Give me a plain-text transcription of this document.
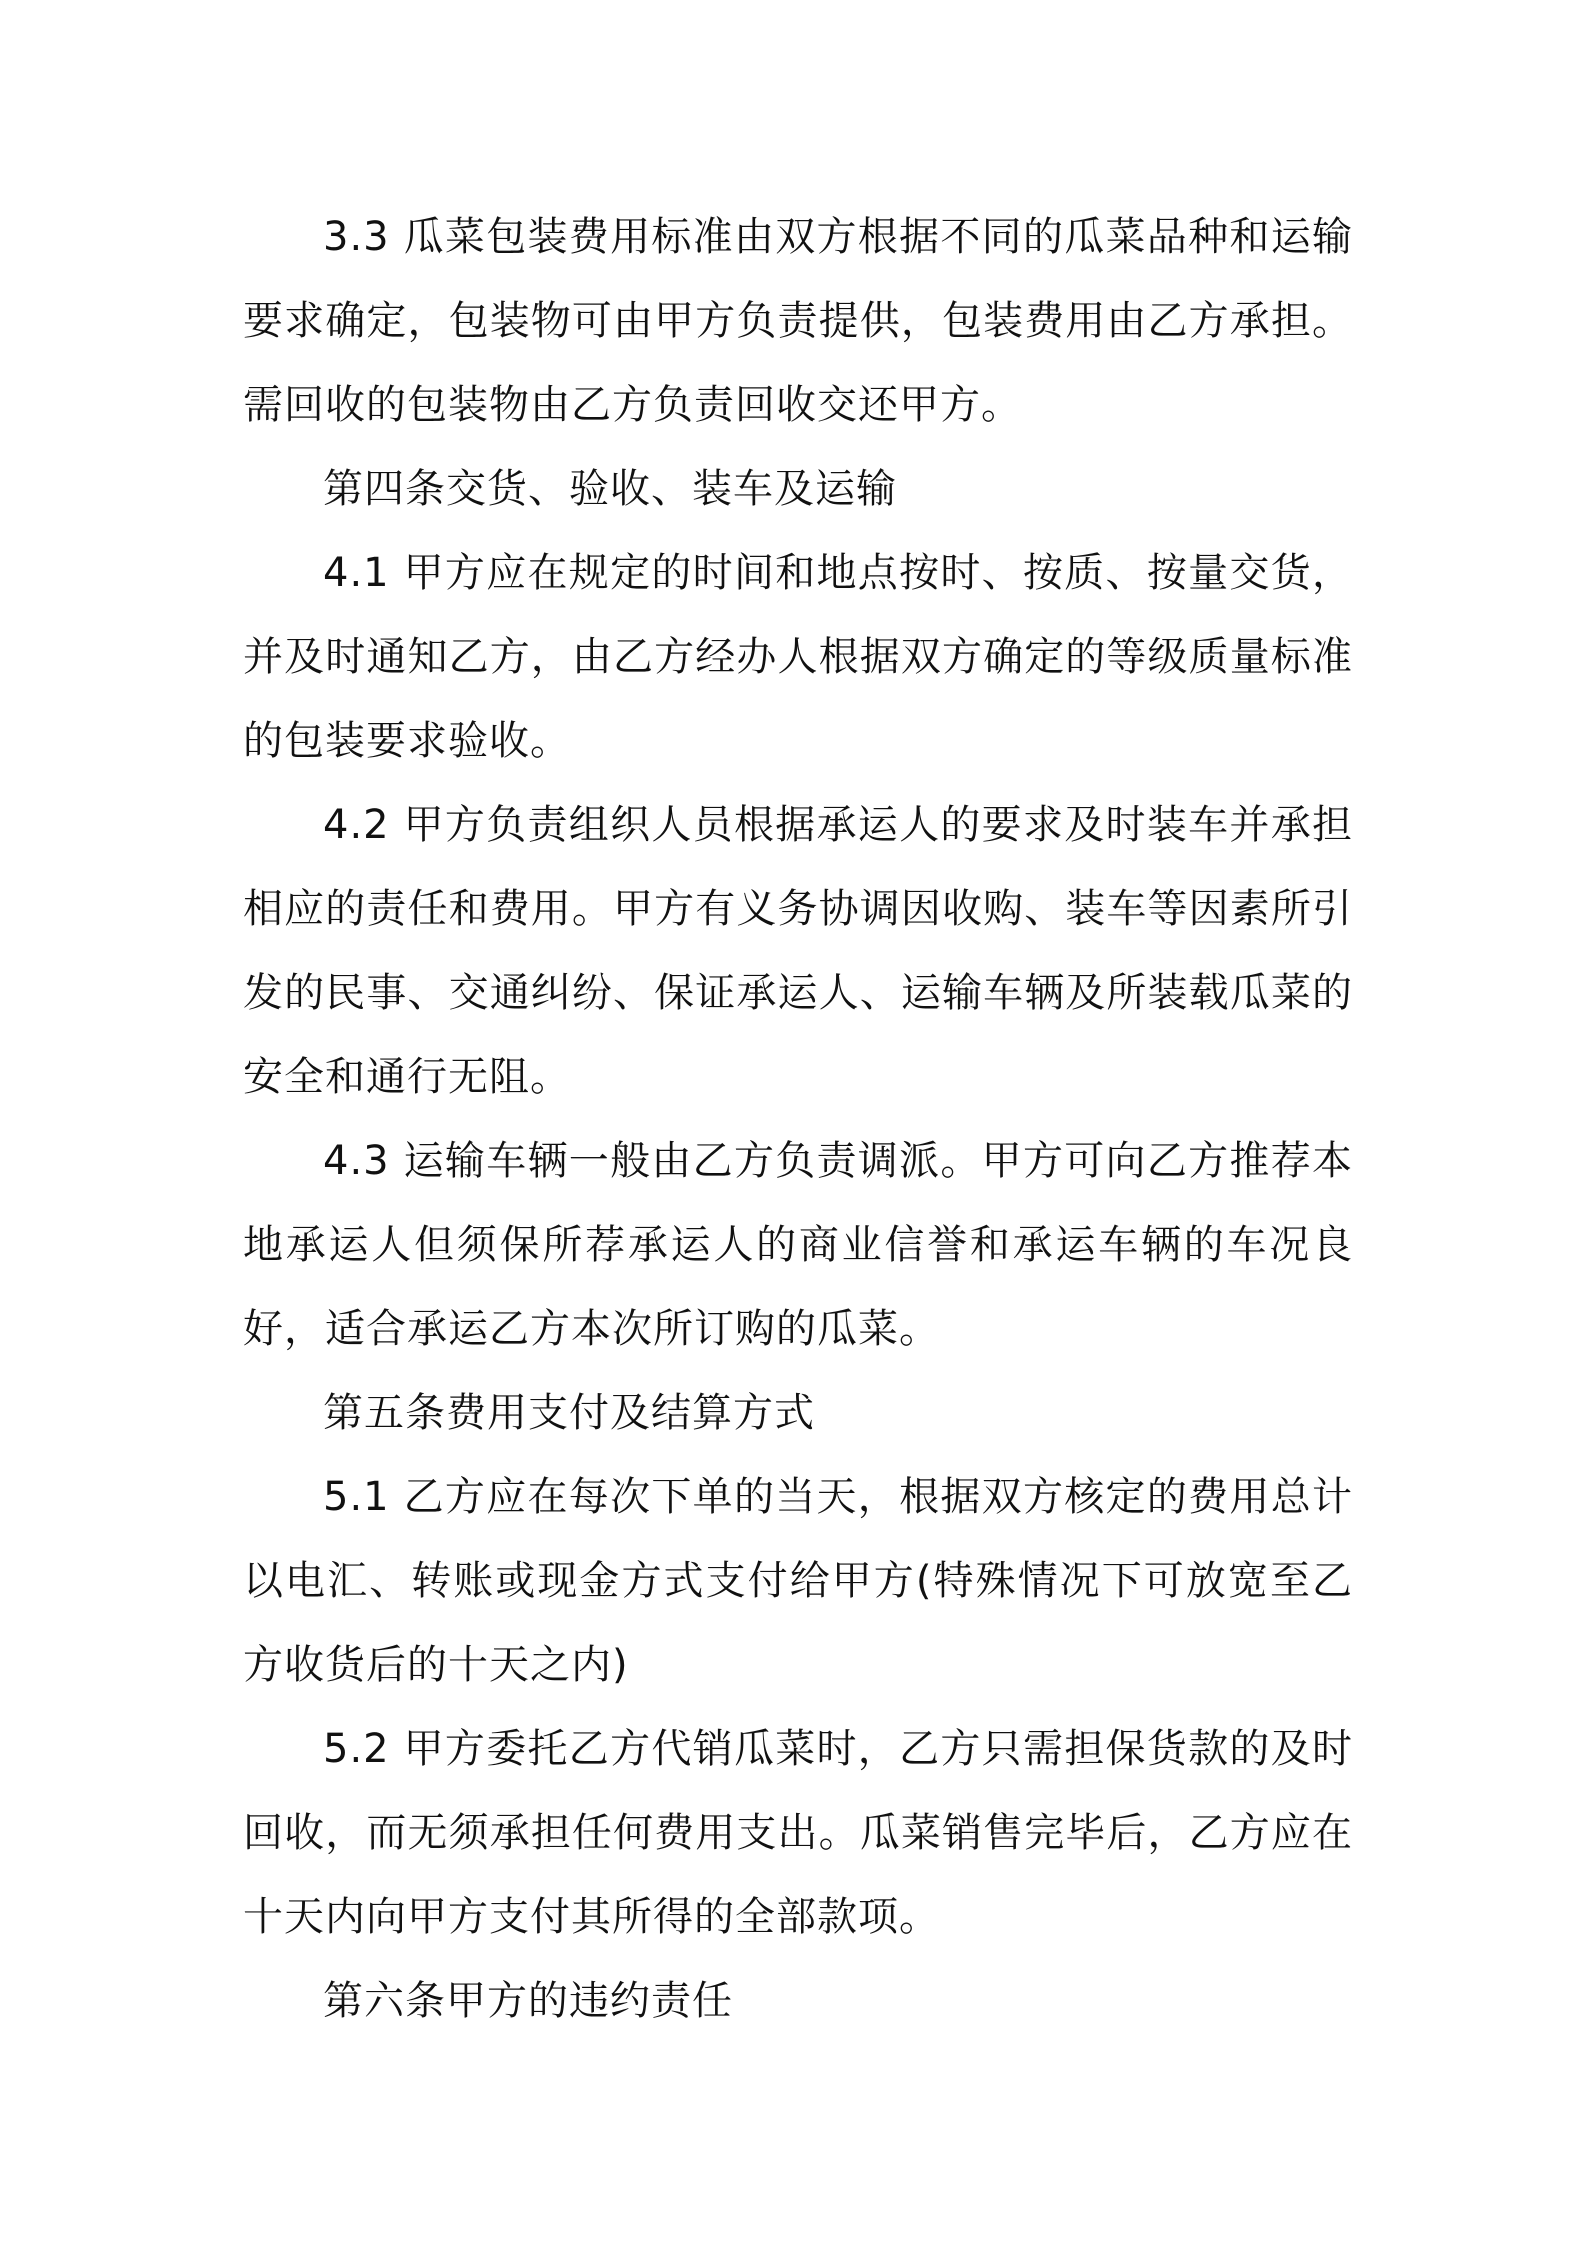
3.3 瓜菜包装费用标准由双方根据不同的瓜菜品种和运输要求确定，包装物可由甲方负责提供，包装费用由乙方承担。需回收的包装物由乙方负责回收交还甲方。

第四条交货、验收、装车及运输

4.1 甲方应在规定的时间和地点按时、按质、按量交货，并及时通知乙方，由乙方经办人根据双方确定的等级质量标准的包装要求验收。

4.2 甲方负责组织人员根据承运人的要求及时装车并承担相应的责任和费用。甲方有义务协调因收购、装车等因素所引发的民事、交通纠纷、保证承运人、运输车辆及所装载瓜菜的安全和通行无阻。

4.3 运输车辆一般由乙方负责调派。甲方可向乙方推荐本地承运人但须保所荐承运人的商业信誉和承运车辆的车况良好，适合承运乙方本次所订购的瓜菜。

第五条费用支付及结算方式

5.1 乙方应在每次下单的当天，根据双方核定的费用总计以电汇、转账或现金方式支付给甲方(特殊情况下可放宽至乙方收货后的十天之内)

5.2 甲方委托乙方代销瓜菜时，乙方只需担保货款的及时回收，而无须承担任何费用支出。瓜菜销售完毕后，乙方应在十天内向甲方支付其所得的全部款项。

第六条甲方的违约责任
